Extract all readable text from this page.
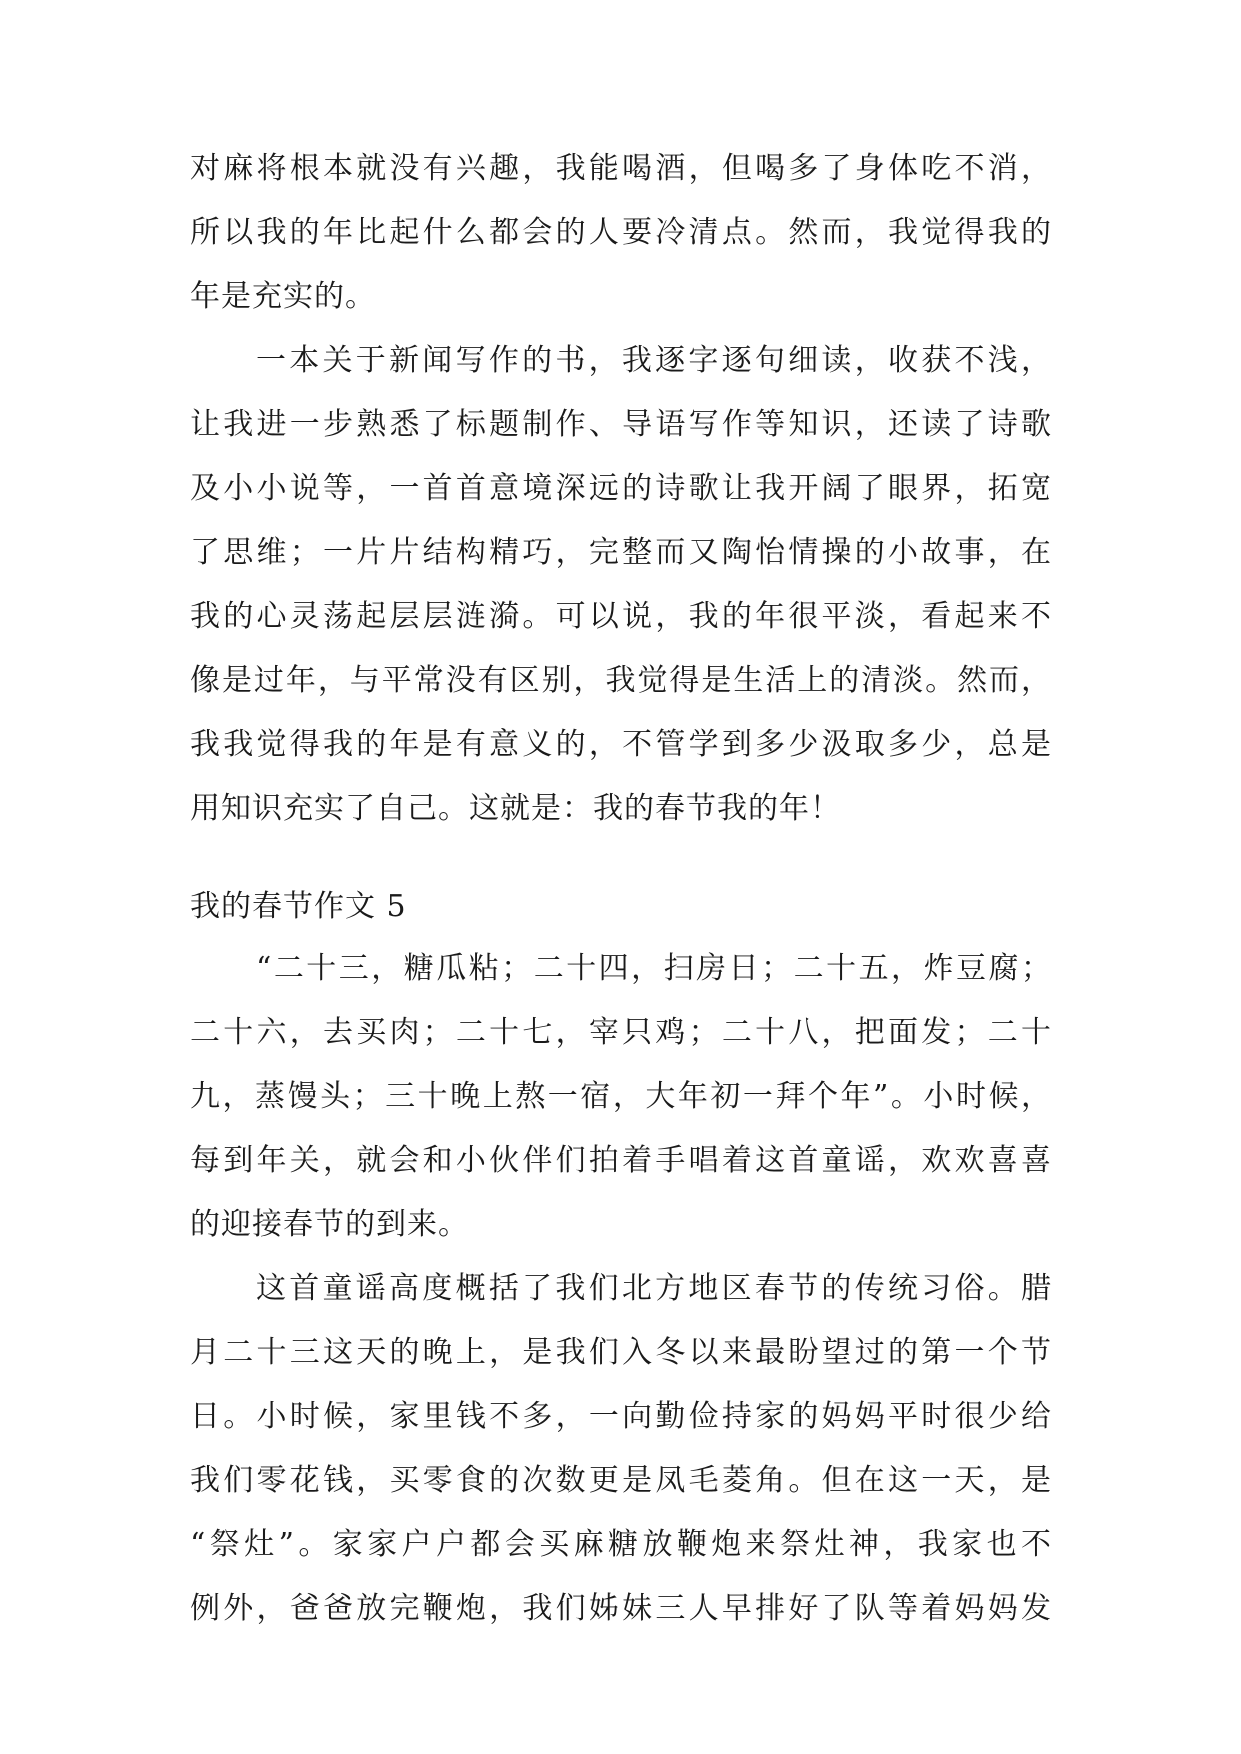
对麻将根本就没有兴趣，我能喝酒，但喝多了身体吃不消，
所以我的年比起什么都会的人要冷清点。然而，我觉得我的
年是充实的。
一本关于新闻写作的书，我逐字逐句细读，收获不浅，
让我进一步熟悉了标题制作、导语写作等知识，还读了诗歌
及小小说等，一首首意境深远的诗歌让我开阔了眼界，拓宽
了思维；一片片结构精巧，完整而又陶怡情操的小故事，在
我的心灵荡起层层涟漪。可以说，我的年很平淡，看起来不
像是过年，与平常没有区别，我觉得是生活上的清淡。然而，
我我觉得我的年是有意义的，不管学到多少汲取多少，总是
用知识充实了自己。这就是：我的春节我的年！
我的春节作文 5
“二十三，糖瓜粘；二十四，扫房日；二十五，炸豆腐；
二十六，去买肉；二十七，宰只鸡；二十八，把面发；二十
九，蒸馒头；三十晚上熬一宿，大年初一拜个年”。小时候，
每到年关，就会和小伙伴们拍着手唱着这首童谣，欢欢喜喜
的迎接春节的到来。
这首童谣高度概括了我们北方地区春节的传统习俗。腊
月二十三这天的晚上，是我们入冬以来最盼望过的第一个节
日。小时候，家里钱不多，一向勤俭持家的妈妈平时很少给
我们零花钱，买零食的次数更是凤毛菱角。但在这一天，是
“祭灶”。家家户户都会买麻糖放鞭炮来祭灶神，我家也不
例外，爸爸放完鞭炮，我们姊妹三人早排好了队等着妈妈发
